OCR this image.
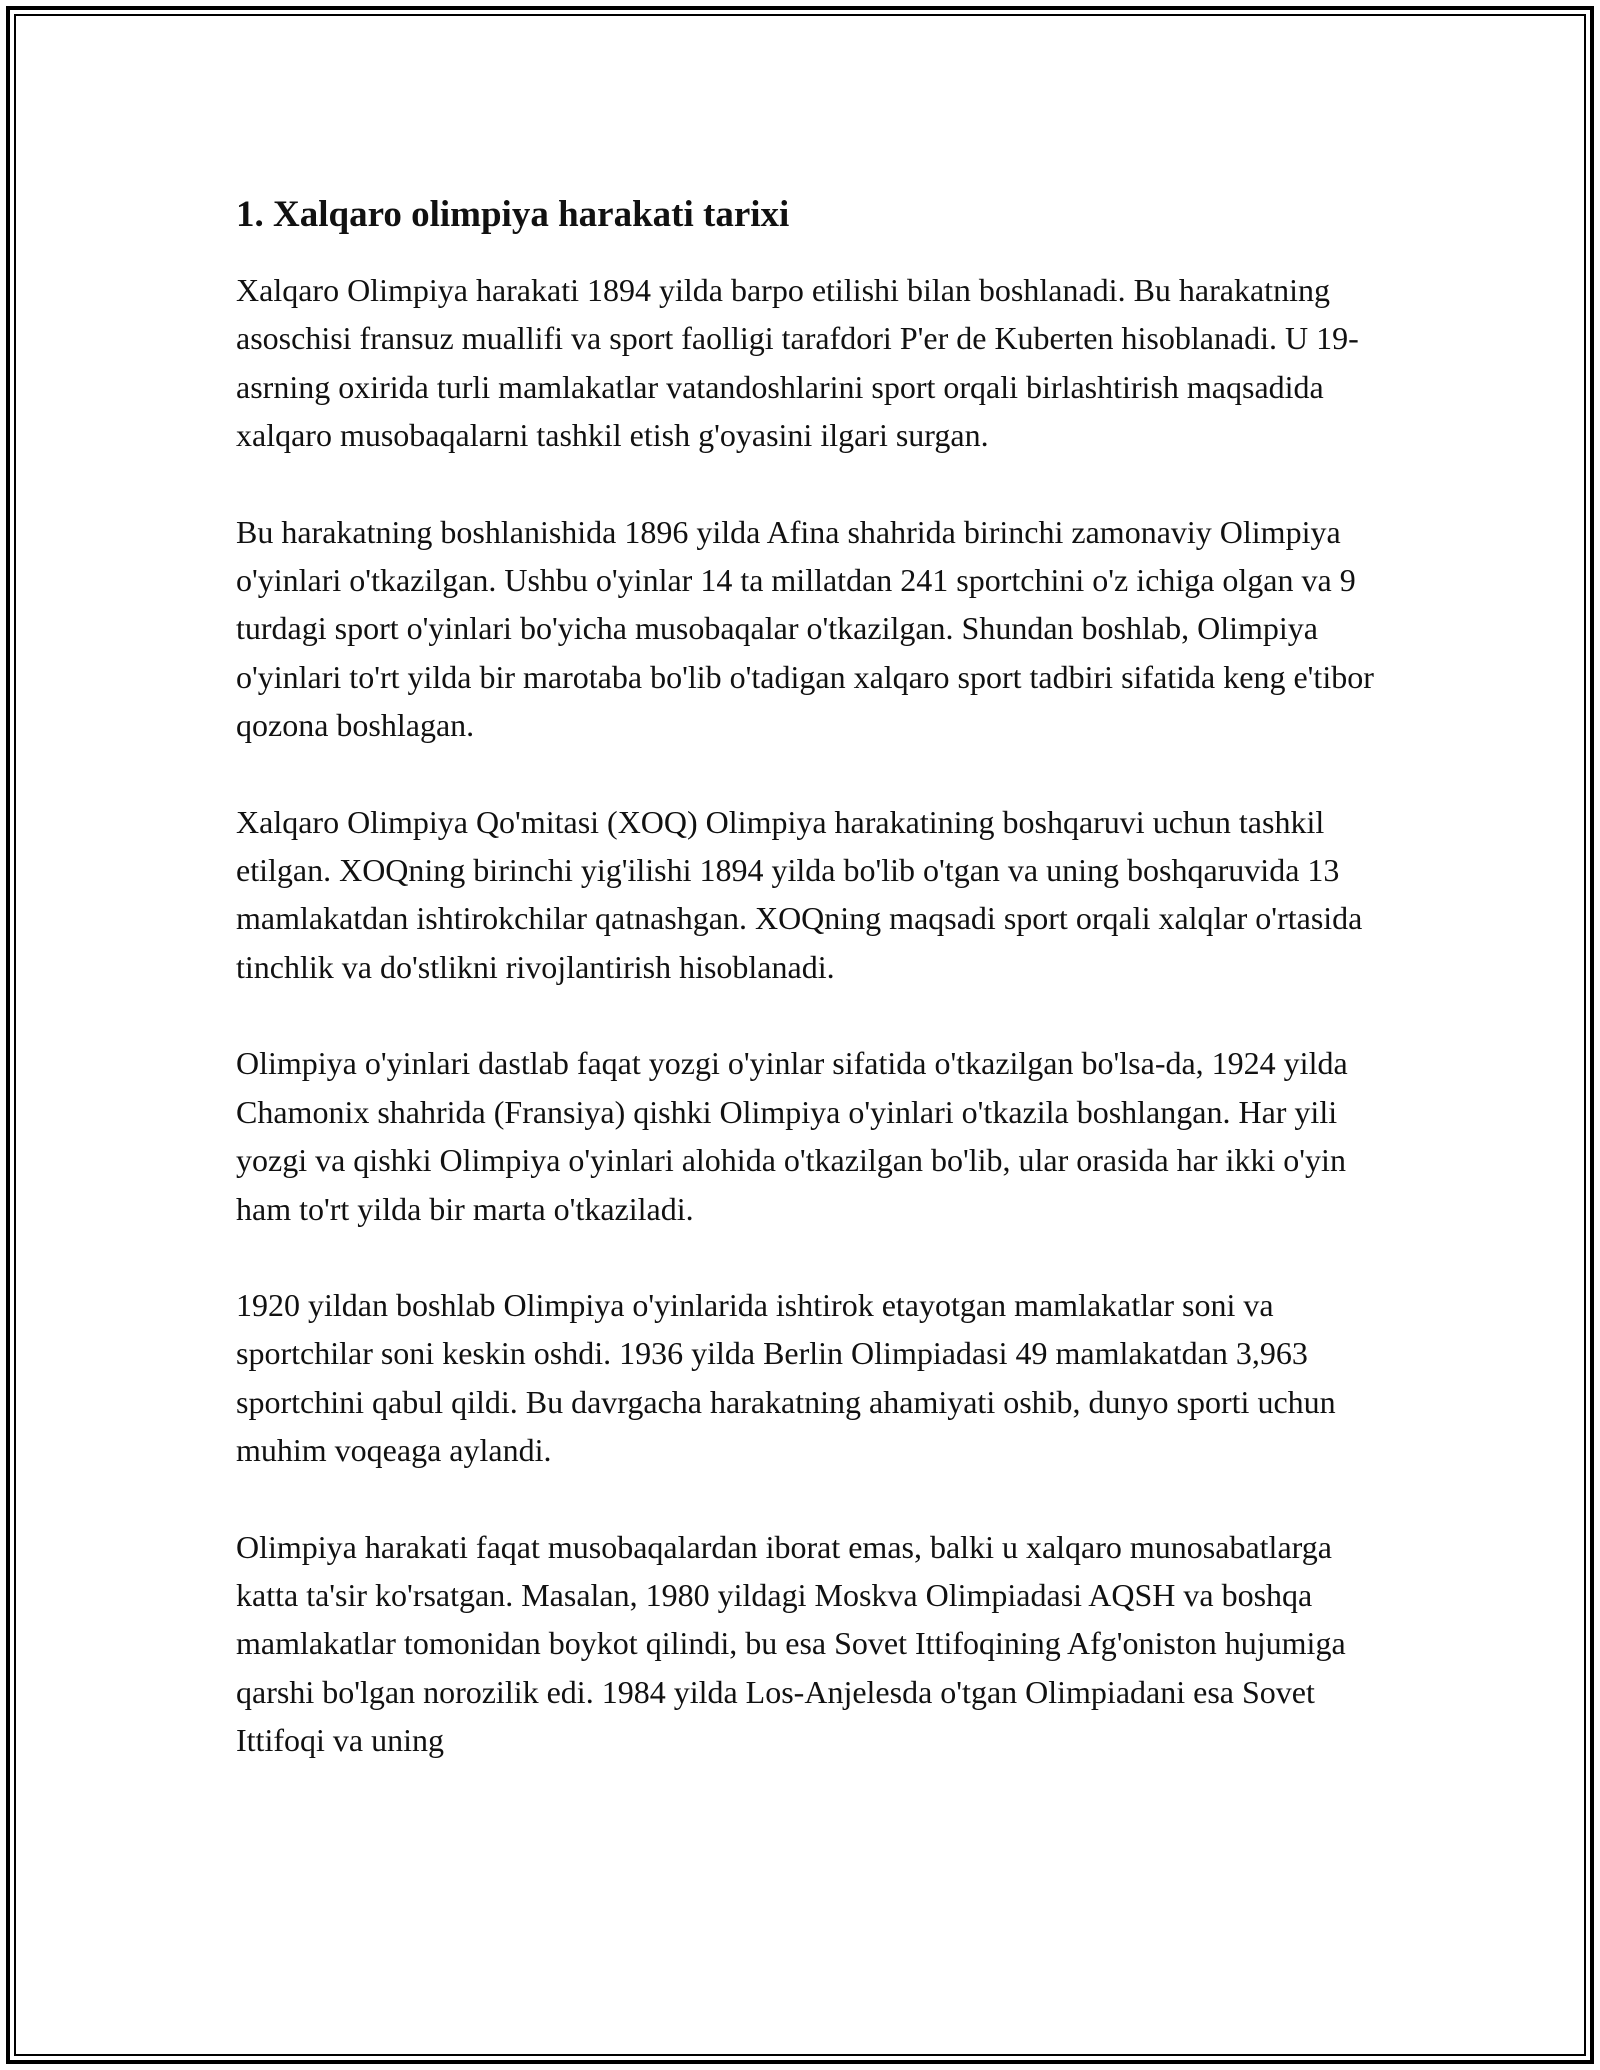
1. Xalqaro olimpiya harakati tarixi

Xalqaro Olimpiya harakati 1894 yilda barpo etilishi bilan boshlanadi. Bu harakatning asoschisi fransuz muallifi va sport faolligi tarafdori P'er de Kuberten hisoblanadi. U 19-asrning oxirida turli mamlakatlar vatandoshlarini sport orqali birlashtirish maqsadida xalqaro musobaqalarni tashkil etish g'oyasini ilgari surgan.

Bu harakatning boshlanishida 1896 yilda Afina shahrida birinchi zamonaviy Olimpiya o'yinlari o'tkazilgan. Ushbu o'yinlar 14 ta millatdan 241 sportchini o'z ichiga olgan va 9 turdagi sport o'yinlari bo'yicha musobaqalar o'tkazilgan. Shundan boshlab, Olimpiya o'yinlari to'rt yilda bir marotaba bo'lib o'tadigan xalqaro sport tadbiri sifatida keng e'tibor qozona boshlagan.

Xalqaro Olimpiya Qo'mitasi (XOQ) Olimpiya harakatining boshqaruvi uchun tashkil etilgan. XOQning birinchi yig'ilishi 1894 yilda bo'lib o'tgan va uning boshqaruvida 13 mamlakatdan ishtirokchilar qatnashgan. XOQning maqsadi sport orqali xalqlar o'rtasida tinchlik va do'stlikni rivojlantirish hisoblanadi.

Olimpiya o'yinlari dastlab faqat yozgi o'yinlar sifatida o'tkazilgan bo'lsa-da, 1924 yilda Chamonix shahrida (Fransiya) qishki Olimpiya o'yinlari o'tkazila boshlangan. Har yili yozgi va qishki Olimpiya o'yinlari alohida o'tkazilgan bo'lib, ular orasida har ikki o'yin ham to'rt yilda bir marta o'tkaziladi.

1920 yildan boshlab Olimpiya o'yinlarida ishtirok etayotgan mamlakatlar soni va sportchilar soni keskin oshdi. 1936 yilda Berlin Olimpiadasi 49 mamlakatdan 3,963 sportchini qabul qildi. Bu davrgacha harakatning ahamiyati oshib, dunyo sporti uchun muhim voqeaga aylandi.

Olimpiya harakati faqat musobaqalardan iborat emas, balki u xalqaro munosabatlarga katta ta'sir ko'rsatgan. Masalan, 1980 yildagi Moskva Olimpiadasi AQSH va boshqa mamlakatlar tomonidan boykot qilindi, bu esa Sovet Ittifoqining Afg'oniston hujumiga qarshi bo'lgan norozilik edi. 1984 yilda Los-Anjelesda o'tgan Olimpiadani esa Sovet Ittifoqi va uning
